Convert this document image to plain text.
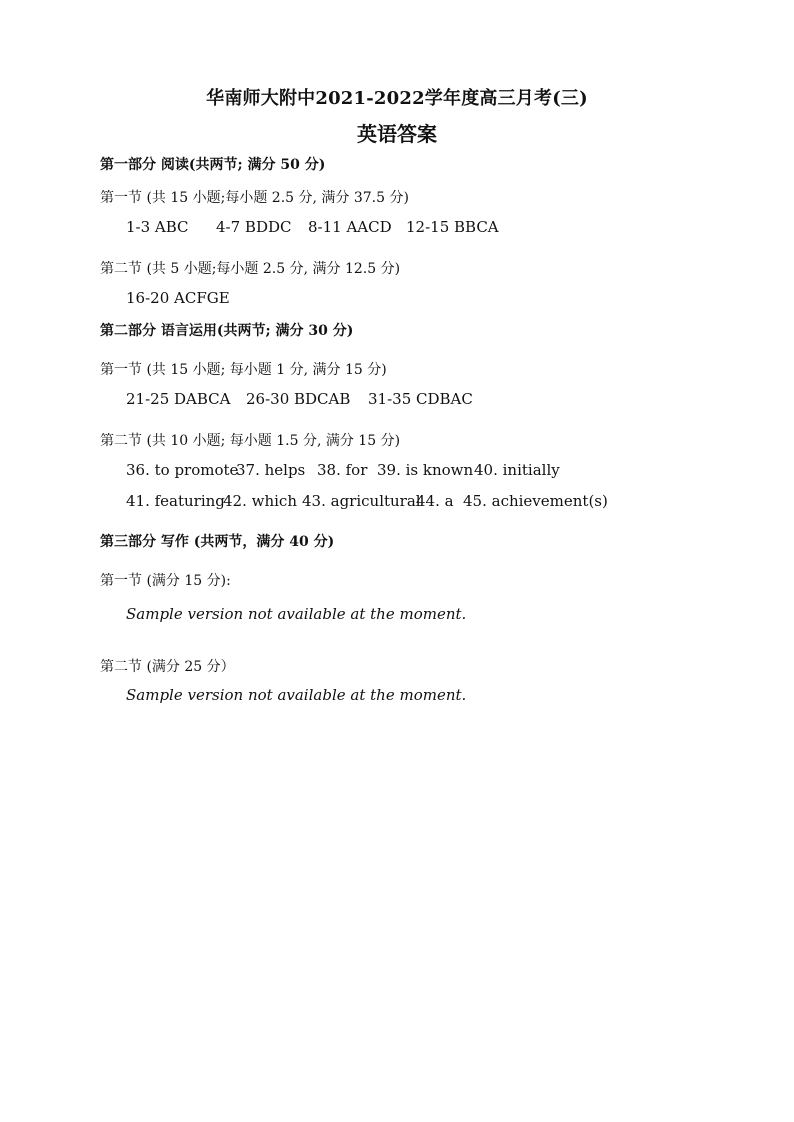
华南师大附中2021-2022学年度高三月考(三)
英语答案
第一部分 阅读(共两节; 满分 50 分)
第一节 (共 15 小题;每小题 2.5 分, 满分 37.5 分)
1-3 ABC	4-7 BDDC	8-11 AACD 12-15 BBCA
第二节 (共 5 小题;每小题 2.5 分, 满分 12.5 分)
16-20 ACFGE
第二部分 语言运用(共两节; 满分 30 分)
第一节 (共 15 小题; 每小题 1 分, 满分 15 分)
21-25 DABCA	26-30 BDCAB	31-35 CDBAC
第二节 (共 10 小题; 每小题 1.5 分, 满分 15 分)
36. to promote
37. helps 38. for 39. is known 40. initially
41. featuring
42. which 43. agricultural
44. a 45. achievement(s)
第三部分 写作 (共两节，满分 40 分)
第一节 (满分 15 分):
Sample version not available at the moment.
第二节 (满分 25 分）
Sample version not available at the moment.
